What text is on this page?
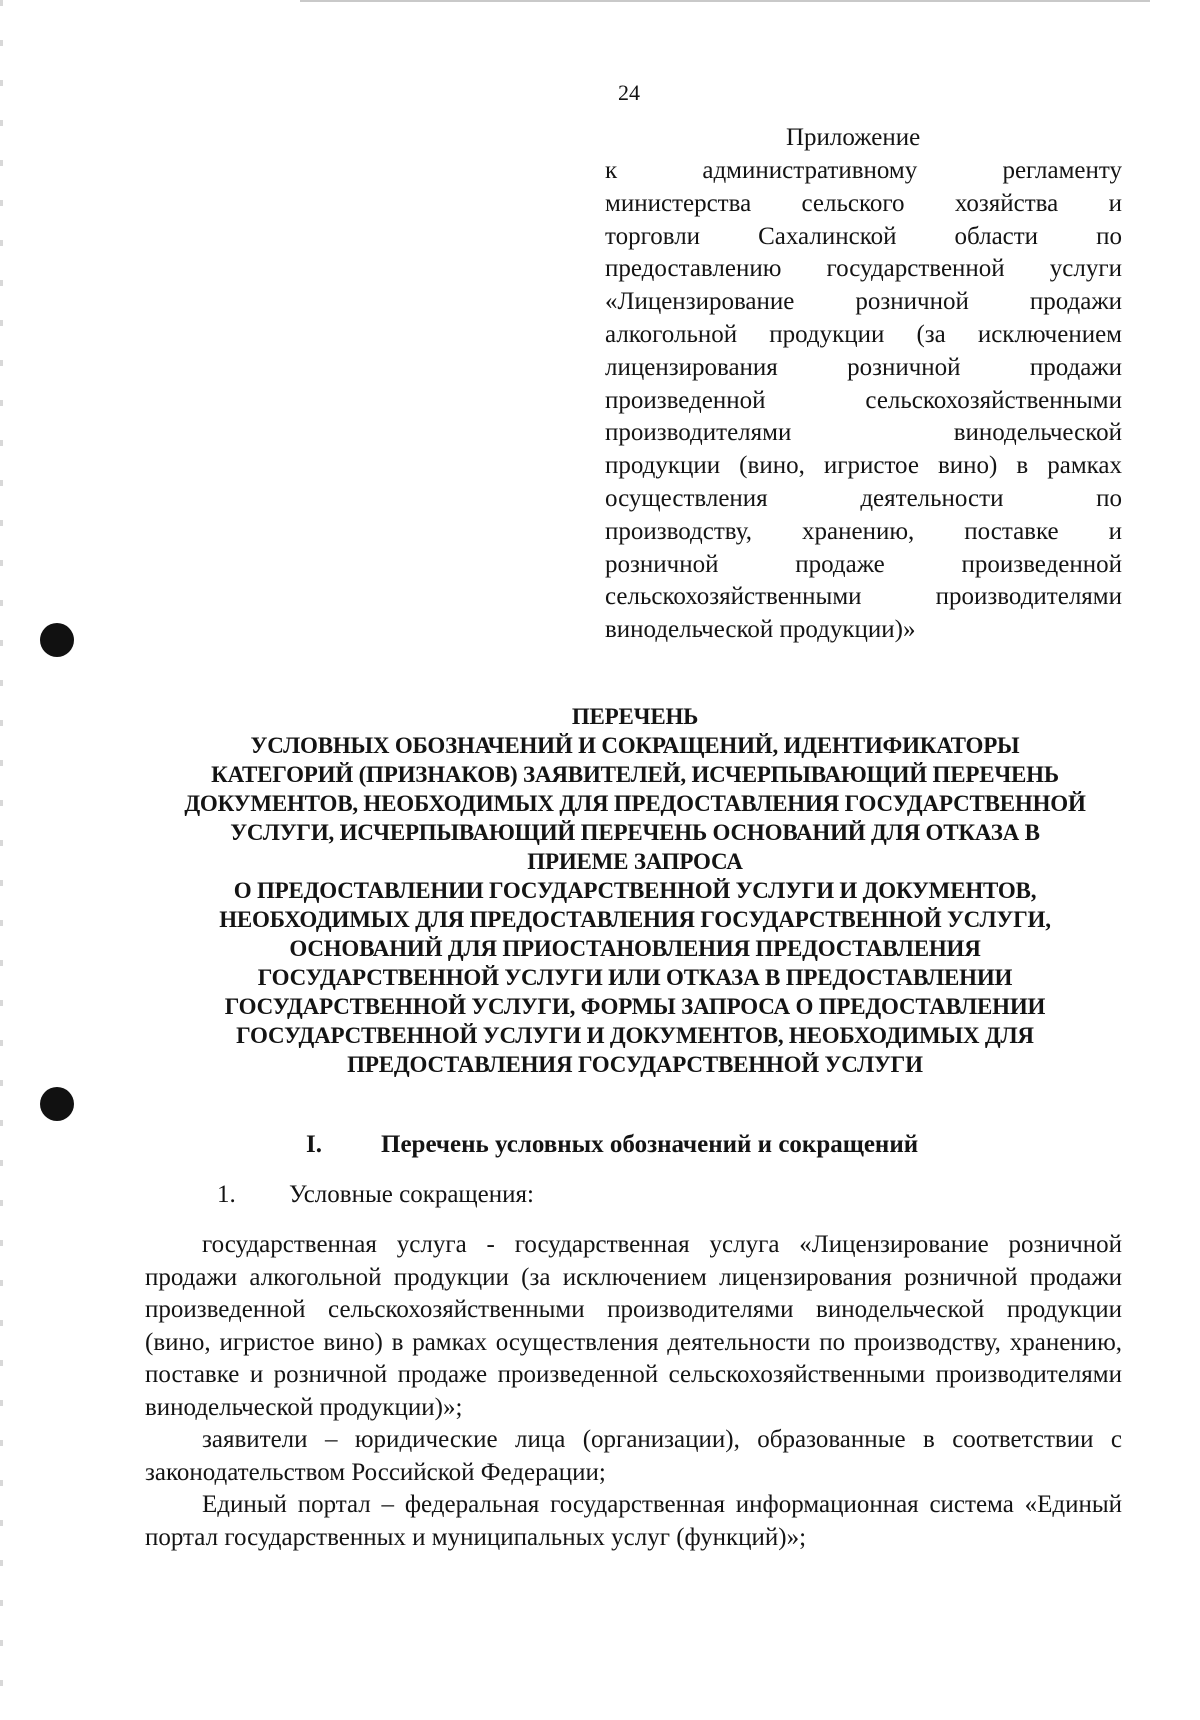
24
Приложение
к административному регламенту
министерства сельского хозяйства и
торговли Сахалинской области по
предоставлению государственной услуги
«Лицензирование розничной продажи
алкогольной продукции (за исключением
лицензирования розничной продажи
произведенной сельскохозяйственными
производителями винодельческой
продукции (вино, игристое вино) в рамках
осуществления деятельности по
производству, хранению, поставке и
розничной продаже произведенной
сельскохозяйственными производителями
винодельческой продукции)»
ПЕРЕЧЕНЬ
УСЛОВНЫХ ОБОЗНАЧЕНИЙ И СОКРАЩЕНИЙ, ИДЕНТИФИКАТОРЫ
КАТЕГОРИЙ (ПРИЗНАКОВ) ЗАЯВИТЕЛЕЙ, ИСЧЕРПЫВАЮЩИЙ ПЕРЕЧЕНЬ
ДОКУМЕНТОВ, НЕОБХОДИМЫХ ДЛЯ ПРЕДОСТАВЛЕНИЯ ГОСУДАРСТВЕННОЙ
УСЛУГИ, ИСЧЕРПЫВАЮЩИЙ ПЕРЕЧЕНЬ ОСНОВАНИЙ ДЛЯ ОТКАЗА В
ПРИЕМЕ ЗАПРОСА
О ПРЕДОСТАВЛЕНИИ ГОСУДАРСТВЕННОЙ УСЛУГИ И ДОКУМЕНТОВ,
НЕОБХОДИМЫХ ДЛЯ ПРЕДОСТАВЛЕНИЯ ГОСУДАРСТВЕННОЙ УСЛУГИ,
ОСНОВАНИЙ ДЛЯ ПРИОСТАНОВЛЕНИЯ ПРЕДОСТАВЛЕНИЯ
ГОСУДАРСТВЕННОЙ УСЛУГИ ИЛИ ОТКАЗА В ПРЕДОСТАВЛЕНИИ
ГОСУДАРСТВЕННОЙ УСЛУГИ, ФОРМЫ ЗАПРОСА О ПРЕДОСТАВЛЕНИИ
ГОСУДАРСТВЕННОЙ УСЛУГИ И ДОКУМЕНТОВ, НЕОБХОДИМЫХ ДЛЯ
ПРЕДОСТАВЛЕНИЯ ГОСУДАРСТВЕННОЙ УСЛУГИ
I. Перечень условных обозначений и сокращений
1. Условные сокращения:

государственная услуга - государственная услуга «Лицензирование розничной продажи алкогольной продукции (за исключением лицензирования розничной продажи произведенной сельскохозяйственными производителями винодельческой продукции (вино, игристое вино) в рамках осуществления деятельности по производству, хранению, поставке и розничной продаже произведенной сельскохозяйственными производителями винодельческой продукции)»;

заявители – юридические лица (организации), образованные в соответствии с законодательством Российской Федерации;

Единый портал – федеральная государственная информационная система «Единый портал государственных и муниципальных услуг (функций)»;
